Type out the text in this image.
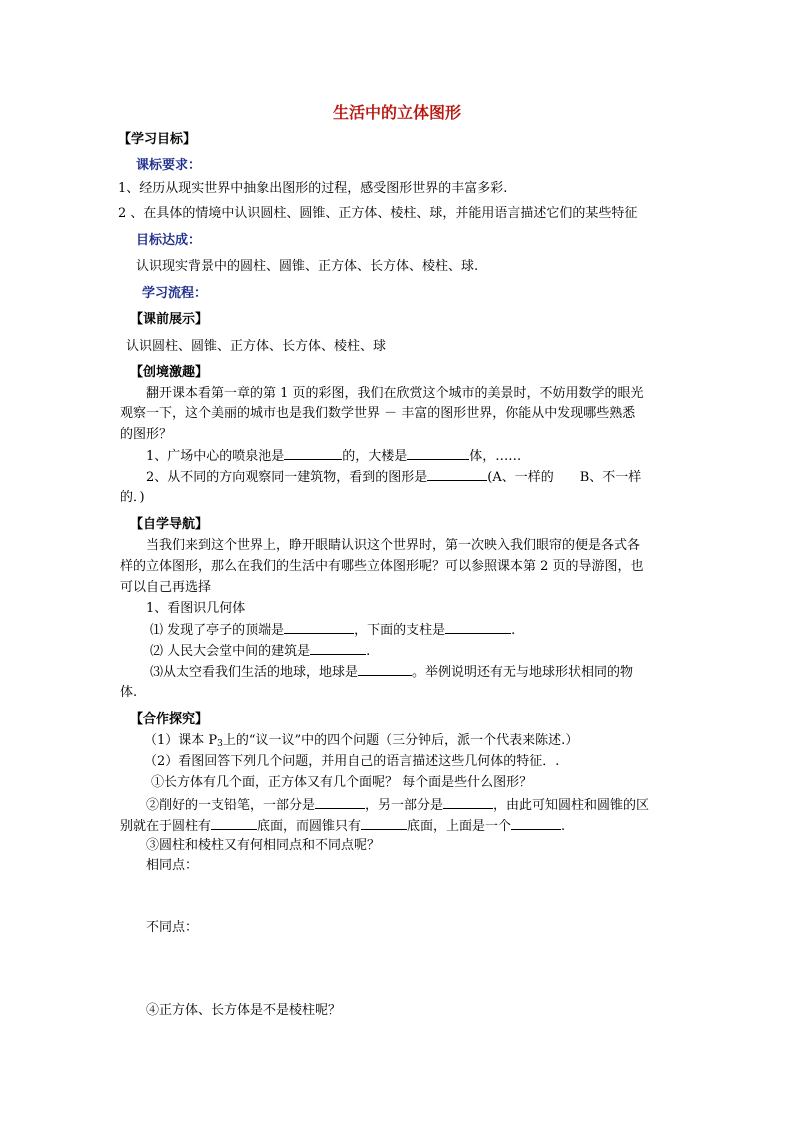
生活中的立体图形
【学习目标】
课标要求：
1、经历从现实世界中抽象出图形的过程，感受图形世界的丰富多彩.
2 、在具体的情境中认识圆柱、圆锥、正方体、棱柱、球，并能用语言描述它们的某些特征
目标达成：
认识现实背景中的圆柱、圆锥、正方体、长方体、棱柱、球.
学习流程：
【课前展示】
认识圆柱、圆锥、正方体、长方体、棱柱、球
【创境激趣】
翻开课本看第一章的第 1 页的彩图，我们在欣赏这个城市的美景时，不妨用数学的眼光
观察一下，这个美丽的城市也是我们数学世界 － 丰富的图形世界，你能从中发现哪些熟悉
的图形？
1、广场中心的喷泉池是	的，大楼是	体，……
2、从不同的方向观察同一建筑物，看到的图形是	(A、一样的　　B、不一样
的．)
【自学导航】
当我们来到这个世界上，睁开眼睛认识这个世界时，第一次映入我们眼帘的便是各式各
样的立体图形，那么在我们的生活中有哪些立体图形呢？可以参照课本第 2 页的导游图，也
可以自己再选择
1、看图识几何体
⑴ 发现了亭子的顶端是	，下面的支柱是	.
⑵ 人民大会堂中间的建筑是	.
⑶从太空看我们生活的地球，地球是	。举例说明还有无与地球形状相同的物
体.
【合作探究】
（1）课本 P3上的“议一议”中的四个问题（三分钟后，派一个代表来陈述.）
（2）看图回答下列几个问题，并用自己的语言描述这些几何体的特征．.
①长方体有几个面，正方体又有几个面呢？ 每个面是些什么图形？
②削好的一支铅笔，一部分是	，另一部分是	，由此可知圆柱和圆锥的区
别就在于圆柱有	底面，而圆锥只有	底面，上面是一个	.
③圆柱和棱柱又有何相同点和不同点呢？
相同点：
不同点：
④正方体、长方体是不是棱柱呢？
